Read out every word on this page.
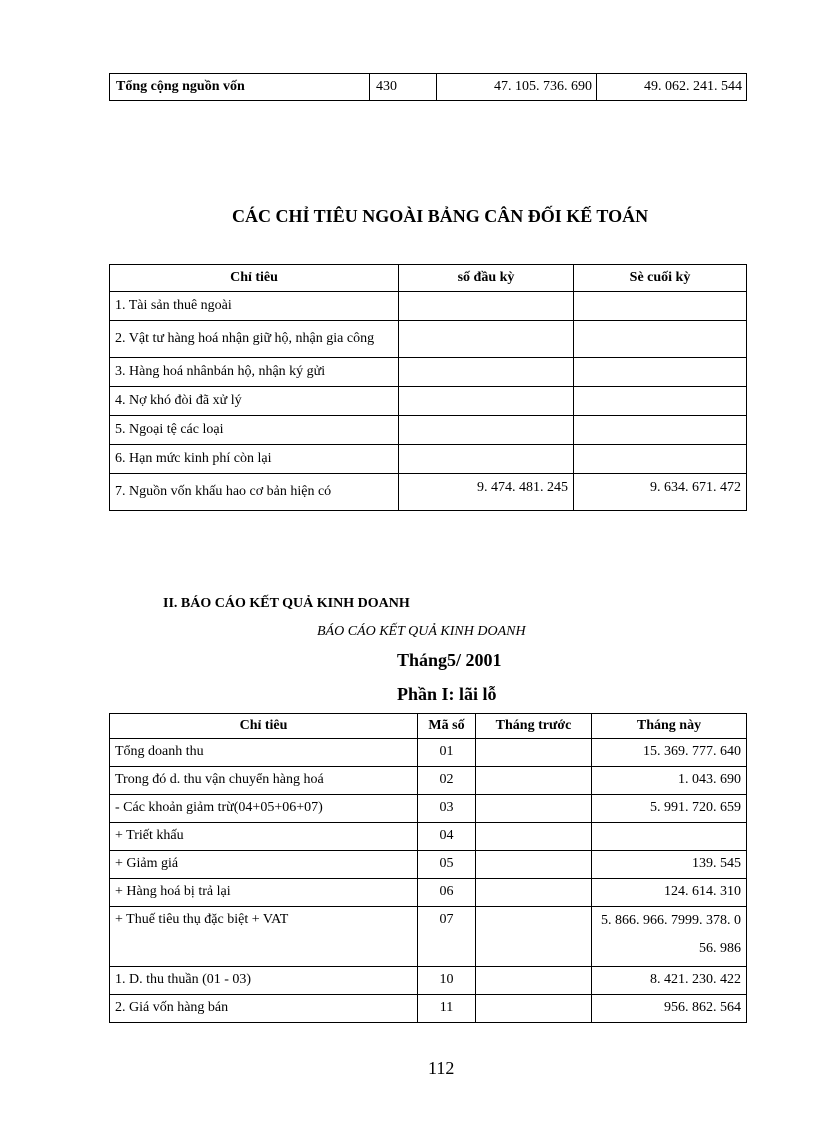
Tổng cộng nguồn vốn	430	47. 105. 736. 690	49. 062. 241. 544
CÁC CHỈ TIÊU NGOÀI BẢNG CÂN ĐỐI KẾ TOÁN
Chỉ tiêu	số đầu kỳ	Sè cuối kỳ
1. Tài sản thuê ngoài		
2. Vật tư hàng hoá nhận giữ hộ, nhận gia công		
3. Hàng hoá nhânbán hộ, nhận ký gửi		
4. Nợ khó đòi đã xử lý		
5. Ngoại tệ các loại		
6. Hạn mức kinh phí còn lại		
7. Nguồn vốn khấu hao cơ bản hiện có	9. 474. 481. 245	9. 634. 671. 472
II. BÁO CÁO KẾT QUẢ KINH DOANH
BÁO CÁO KẾT QUẢ KINH DOANH
Tháng5/ 2001
Phần I: lãi lỗ
Chỉ tiêu	Mã số	Tháng trước	Tháng này
Tổng doanh thu	01		15. 369. 777. 640
Trong đó d. thu vận chuyển hàng hoá	02		1. 043. 690
- Các khoản giảm trừ(04+05+06+07)	03		5. 991. 720. 659
+ Triết khấu	04		
+ Giảm giá	05		139. 545
+ Hàng hoá bị trả lại	06		124. 614. 310
+ Thuế tiêu thụ đặc biệt + VAT	07		5. 866. 966. 7999. 378. 056. 986
1. D. thu thuần (01 - 03)	10		8. 421. 230. 422
2. Giá vốn hàng bán	11		956. 862. 564
112
